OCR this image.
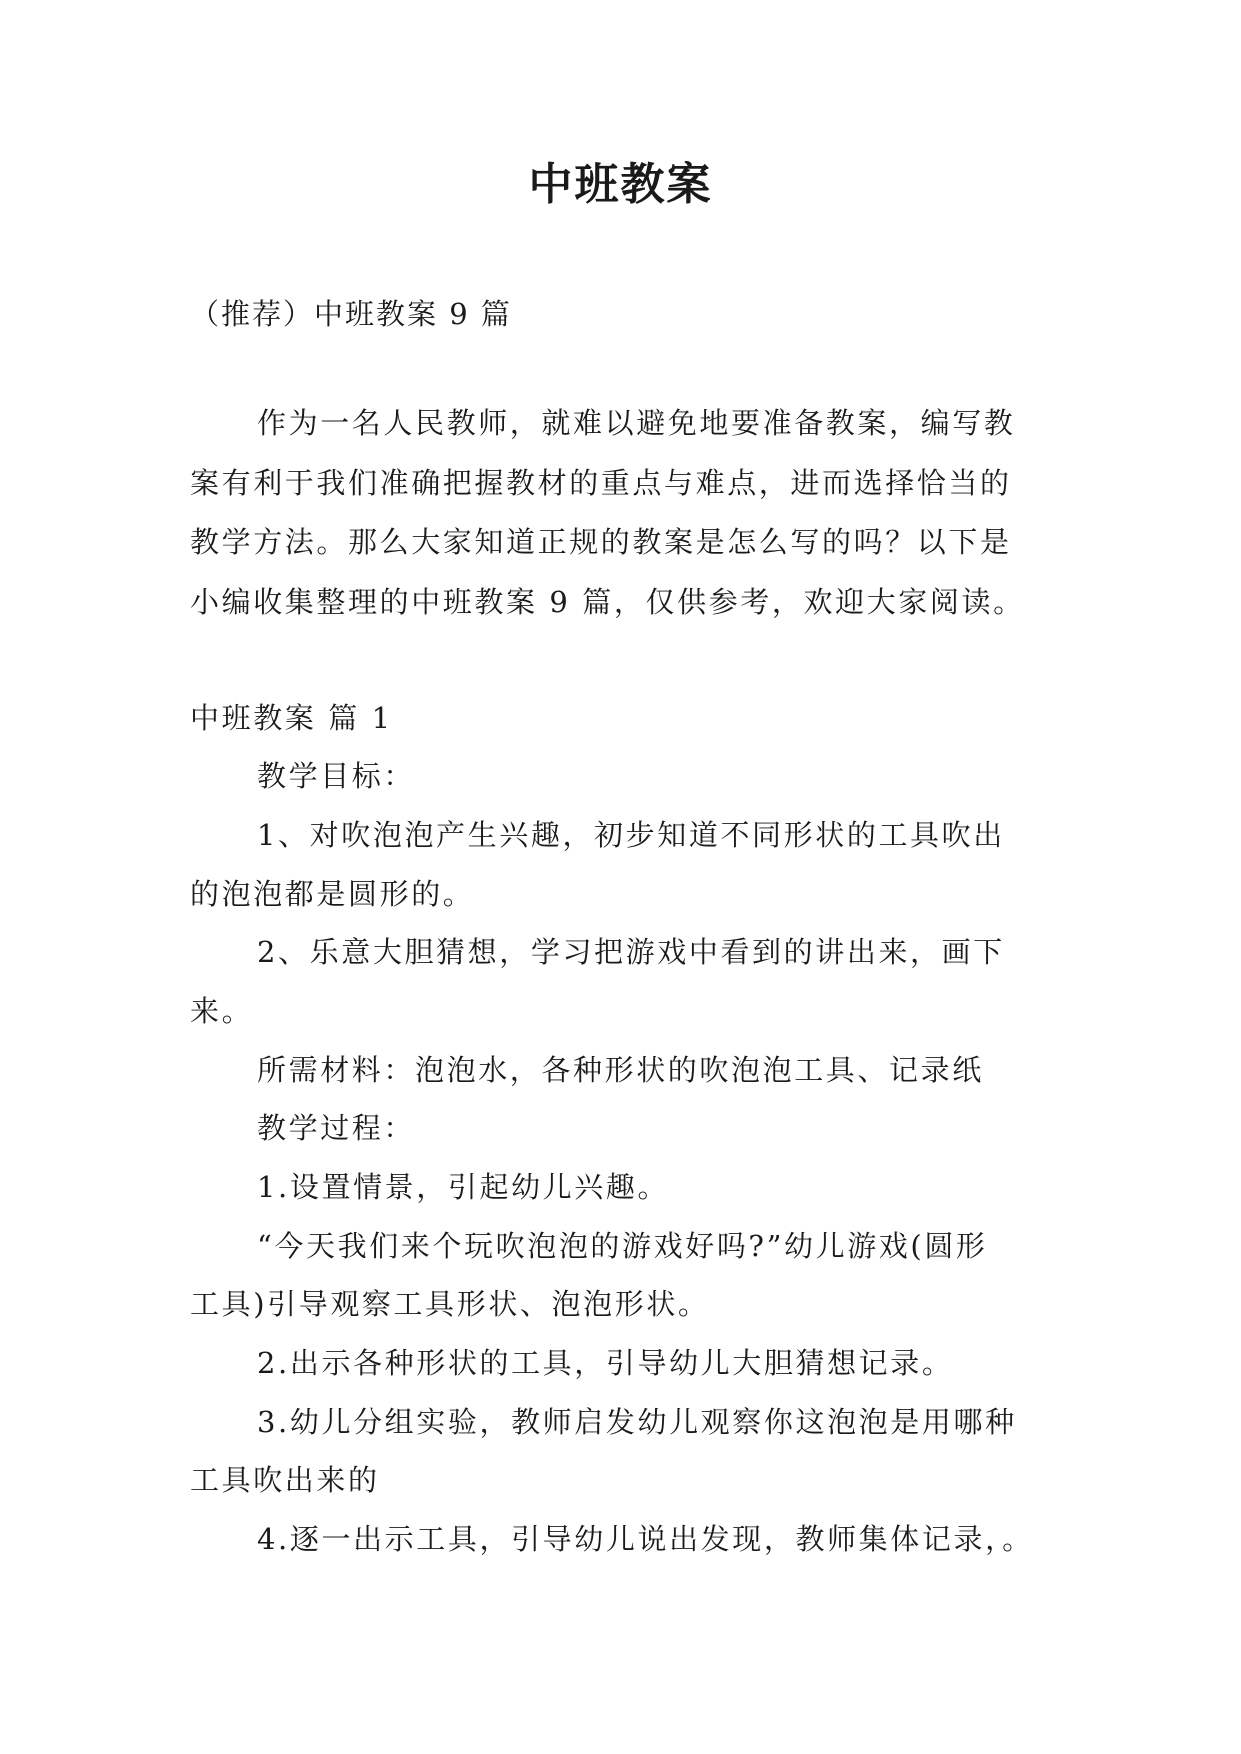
中班教案
（推荐）中班教案 9 篇
作为一名人民教师，就难以避免地要准备教案，编写教
案有利于我们准确把握教材的重点与难点，进而选择恰当的
教学方法。那么大家知道正规的教案是怎么写的吗？以下是
小编收集整理的中班教案 9 篇，仅供参考，欢迎大家阅读。
中班教案 篇 1
教学目标：
1、对吹泡泡产生兴趣，初步知道不同形状的工具吹出
的泡泡都是圆形的。
2、乐意大胆猜想，学习把游戏中看到的讲出来，画下
来。
所需材料：泡泡水，各种形状的吹泡泡工具、记录纸
教学过程：
1.设置情景，引起幼儿兴趣。
“今天我们来个玩吹泡泡的游戏好吗?”幼儿游戏(圆形
工具)引导观察工具形状、泡泡形状。
2.出示各种形状的工具，引导幼儿大胆猜想记录。
3.幼儿分组实验，教师启发幼儿观察你这泡泡是用哪种
工具吹出来的
4.逐一出示工具，引导幼儿说出发现，教师集体记录，。
